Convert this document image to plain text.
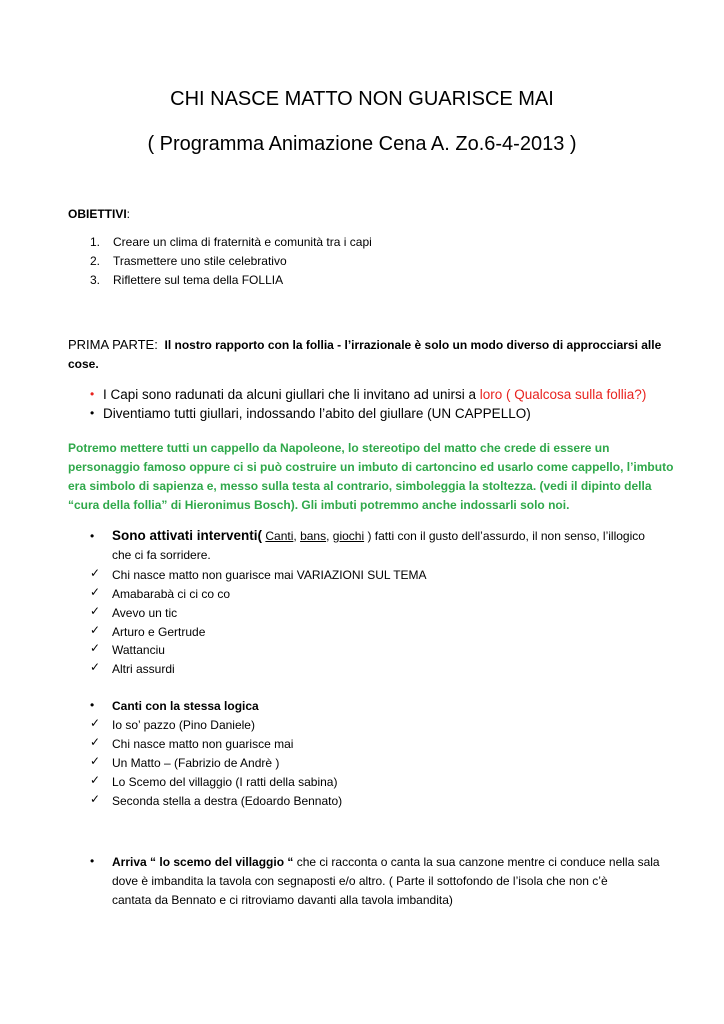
CHI NASCE MATTO NON GUARISCE MAI
( Programma Animazione Cena A. Zo.6-4-2013 )
OBIETTIVI:
1. Creare un clima di fraternità e comunità tra i capi
2. Trasmettere uno stile celebrativo
3. Riflettere sul tema della FOLLIA
PRIMA PARTE: Il nostro rapporto con la follia - l’irrazionale è solo un modo diverso di approcciarsi alle
cose.
• I Capi sono radunati da alcuni giullari che li invitano ad unirsi a loro ( Qualcosa sulla follia?)
• Diventiamo tutti giullari, indossando l’abito del giullare (UN CAPPELLO)
Potremo mettere tutti un cappello da Napoleone, lo stereotipo del matto che crede di essere un
personaggio famoso oppure ci si può costruire un imbuto di cartoncino ed usarlo come cappello, l’imbuto
era simbolo di sapienza e, messo sulla testa al contrario, simboleggia la stoltezza. (vedi il dipinto della
“cura della follia” di Hieronimus Bosch). Gli imbuti potremmo anche indossarli solo noi.
• Sono attivati interventi( Canti, bans, giochi ) fatti con il gusto dell’assurdo, il non senso, l’illogico
che ci fa sorridere.
✓ Chi nasce matto non guarisce mai VARIAZIONI SUL TEMA
✓ Amabarabà ci ci co co
✓ Avevo un tic
✓ Arturo e Gertrude
✓ Wattanciu
✓ Altri assurdi
• Canti con la stessa logica
✓ Io so’ pazzo (Pino Daniele)
✓ Chi nasce matto non guarisce mai
✓ Un Matto – (Fabrizio de Andrè )
✓ Lo Scemo del villaggio (I ratti della sabina)
✓ Seconda stella a destra (Edoardo Bennato)
• Arriva “ lo scemo del villaggio “ che ci racconta o canta la sua canzone mentre ci conduce nella sala
dove è imbandita la tavola con segnaposti e/o altro. ( Parte il sottofondo de l’isola che non c’è
cantata da Bennato e ci ritroviamo davanti alla tavola imbandita)
